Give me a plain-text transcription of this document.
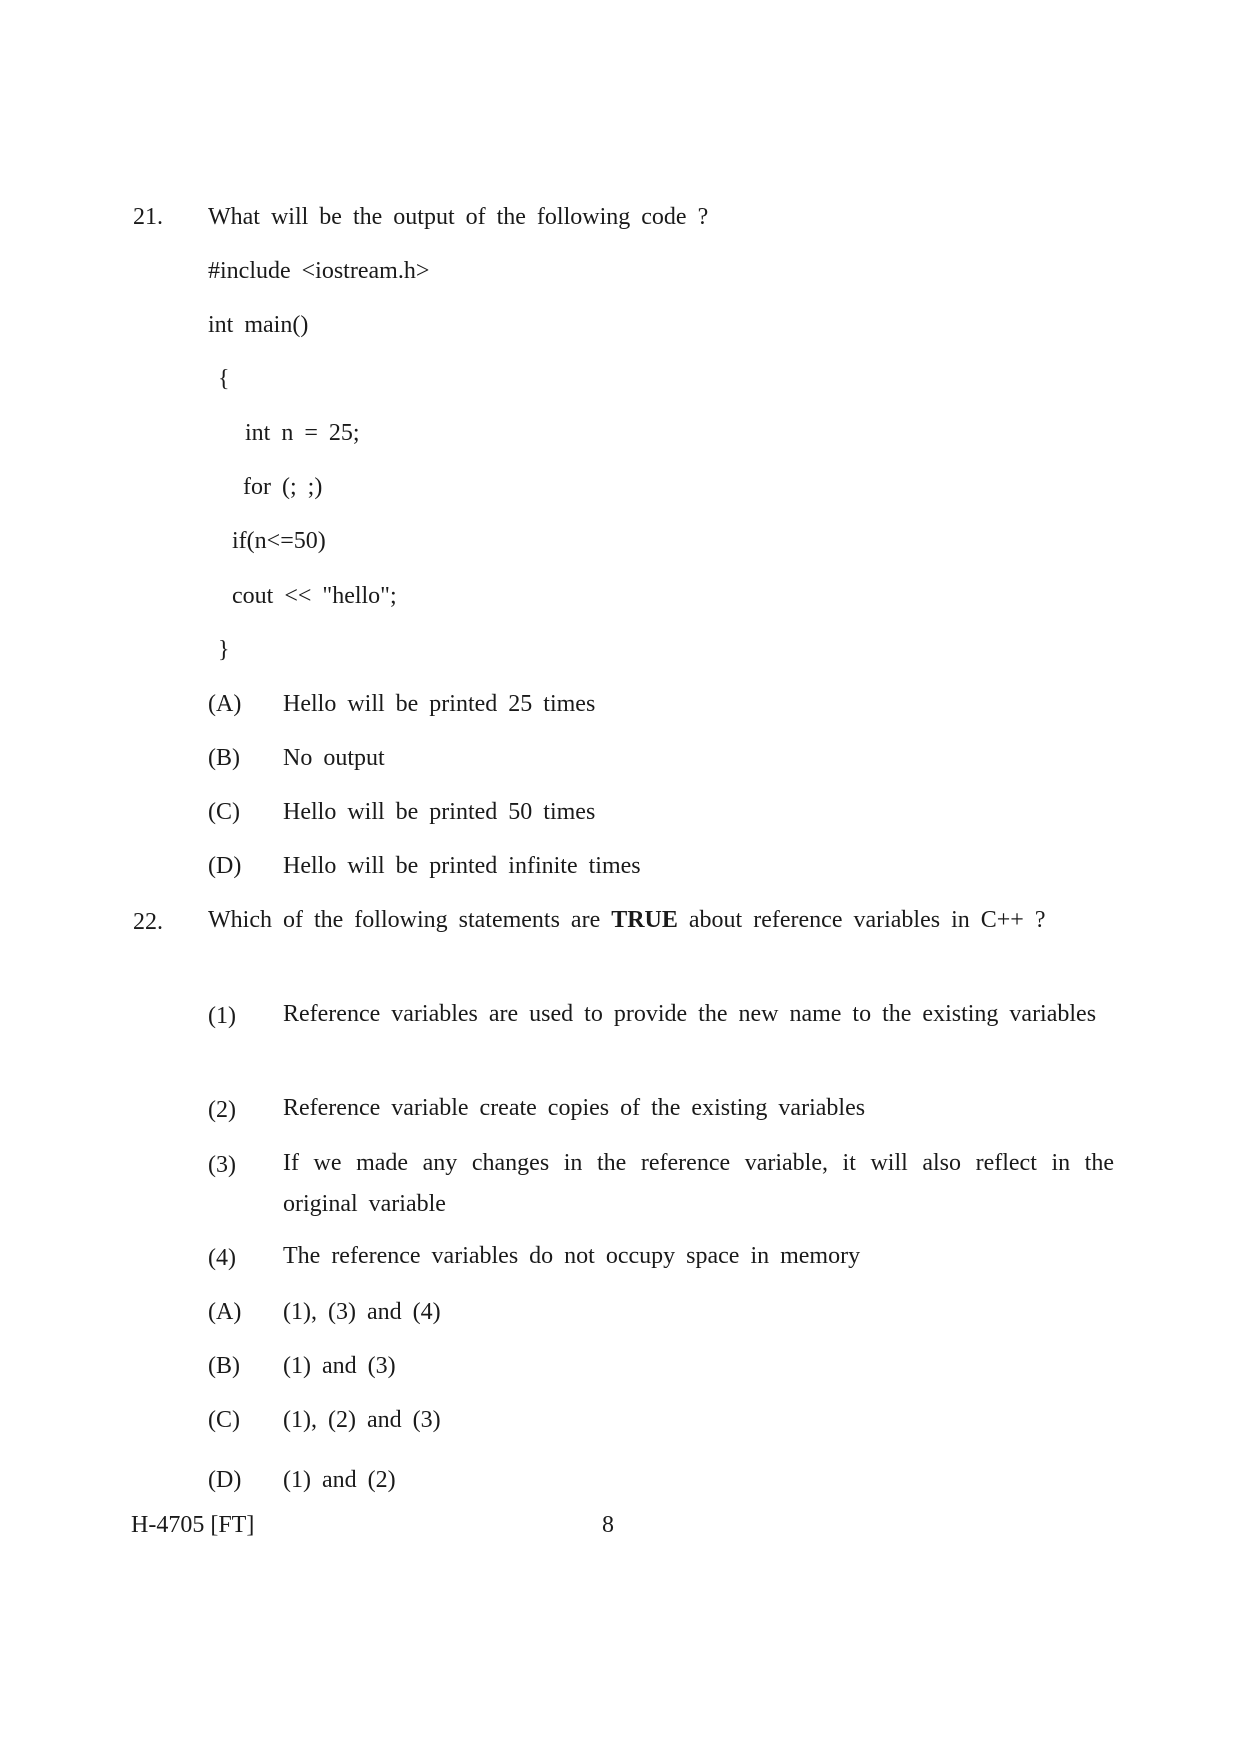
21. What will be the output of the following code ?
#include <iostream.h>
int main()
{
int n = 25;
for (; ;)
if(n<=50)
cout << "hello";
}
(A) Hello will be printed 25 times
(B) No output
(C) Hello will be printed 50 times
(D) Hello will be printed infinite times
22. Which of the following statements are TRUE about reference variables in C++ ?
(1) Reference variables are used to provide the new name to the existing variables
(2) Reference variable create copies of the existing variables
(3) If we made any changes in the reference variable, it will also reflect in the original variable
(4) The reference variables do not occupy space in memory
(A) (1), (3) and (4)
(B) (1) and (3)
(C) (1), (2) and (3)
(D) (1) and (2)
H-4705 [FT]	8
